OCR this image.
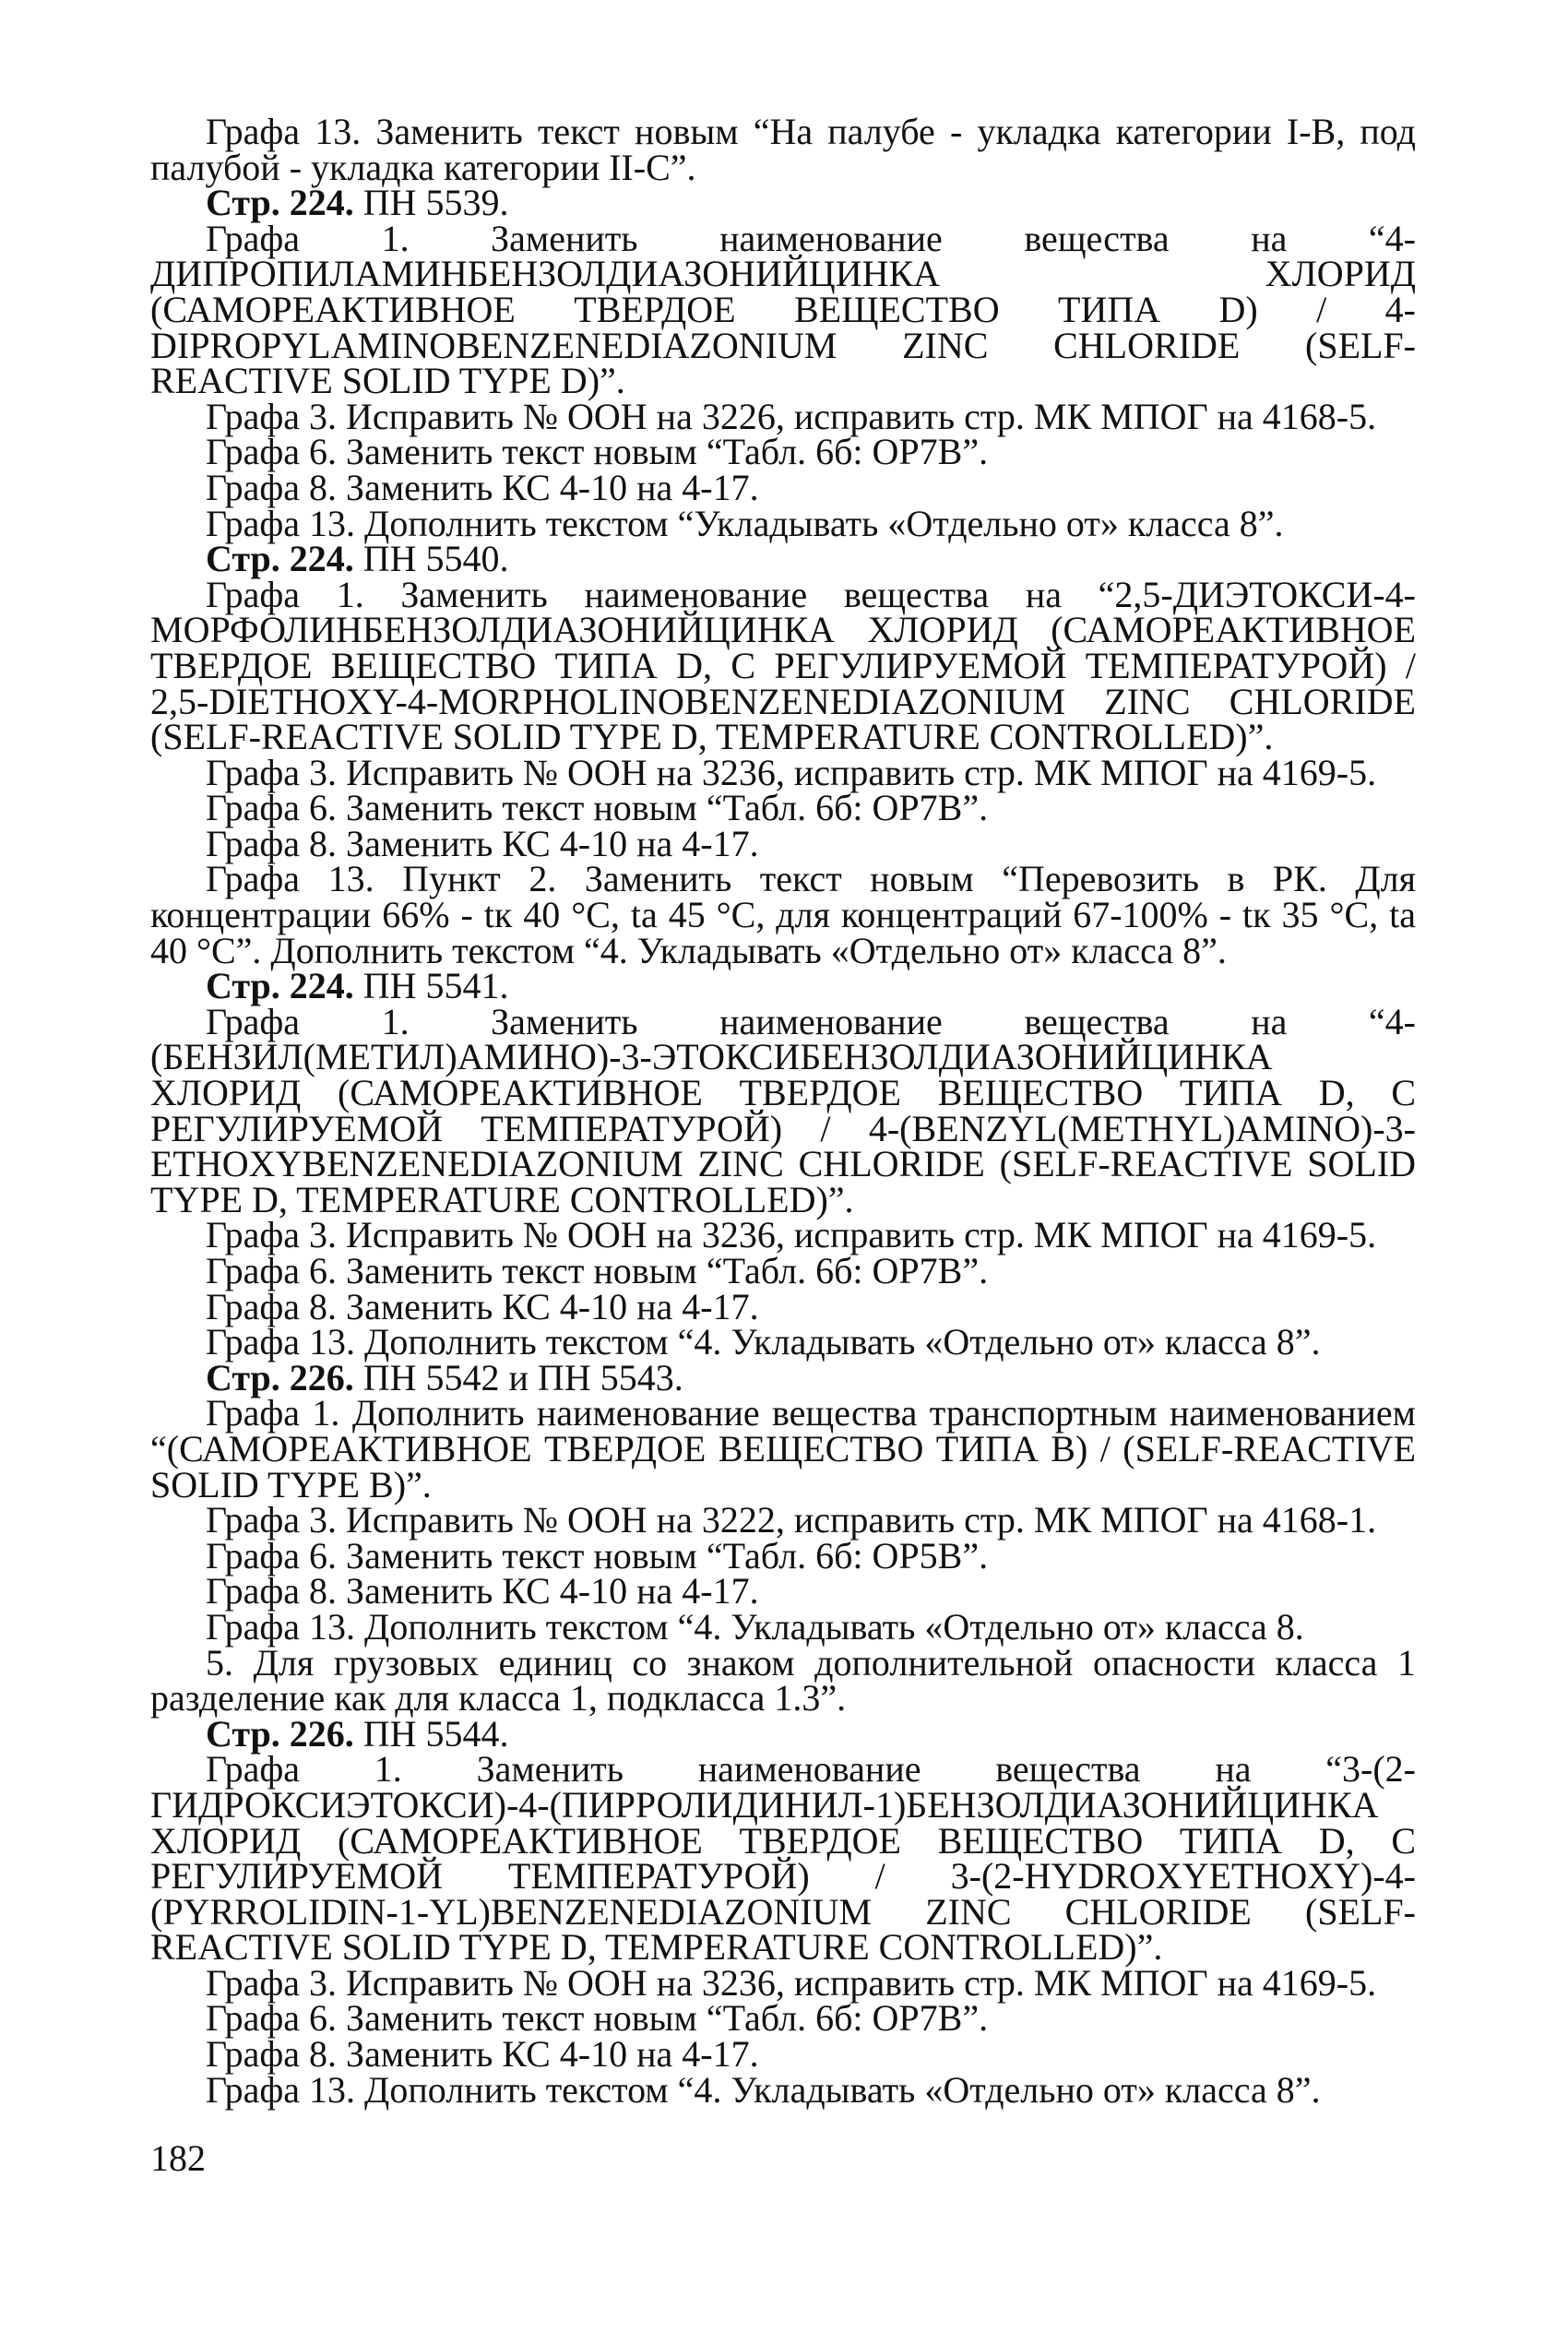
Графа 13. Заменить текст новым “На палубе - укладка категории I-B, под палубой - укладка категории II-C”.

Стр. 224. ПН 5539.

Графа 1. Заменить наименование вещества на “4-ДИПРОПИЛАМИНБЕНЗОЛДИАЗОНИЙЦИНКА ХЛОРИД (САМОРЕАКТИВНОЕ ТВЕРДОЕ ВЕЩЕСТВО ТИПА D) / 4-DIPROPYLAMINOBENZENEDIAZONIUM ZINC CHLORIDE (SELF-REACTIVE SOLID TYPE D)”.

Графа 3. Исправить № ООН на 3226, исправить стр. МК МПОГ на 4168-5.

Графа 6. Заменить текст новым “Табл. 6б: OP7B”.

Графа 8. Заменить КС 4-10 на 4-17.

Графа 13. Дополнить текстом “Укладывать «Отдельно от» класса 8”.

Стр. 224. ПН 5540.

Графа 1. Заменить наименование вещества на “2,5-ДИЭТОКСИ-4-МОРФОЛИНБЕНЗОЛДИАЗОНИЙЦИНКА ХЛОРИД (САМОРЕАКТИВНОЕ ТВЕРДОЕ ВЕЩЕСТВО ТИПА D, С РЕГУЛИРУЕМОЙ ТЕМПЕРАТУРОЙ) / 2,5-DIETHOXY-4-MORPHOLINOBENZENEDIAZONIUM ZINC CHLORIDE (SELF-REACTIVE SOLID TYPE D, TEMPERATURE CONTROLLED)”.

Графа 3. Исправить № ООН на 3236, исправить стр. МК МПОГ на 4169-5.

Графа 6. Заменить текст новым “Табл. 6б: OP7B”.

Графа 8. Заменить КС 4-10 на 4-17.

Графа 13. Пункт 2. Заменить текст новым “Перевозить в РК. Для концентрации 66% - tк 40 °С, tа 45 °С, для концентраций 67-100% - tк 35 °С, tа 40 °С”. Дополнить текстом “4. Укладывать «Отдельно от» класса 8”.

Стр. 224. ПН 5541.

Графа 1. Заменить наименование вещества на “4-(БЕНЗИЛ(МЕТИЛ)АМИНО)-3-ЭТОКСИБЕНЗОЛДИАЗОНИЙЦИНКА ХЛОРИД (САМОРЕАКТИВНОЕ ТВЕРДОЕ ВЕЩЕСТВО ТИПА D, С РЕГУЛИРУЕМОЙ ТЕМПЕРАТУРОЙ) / 4-(BENZYL(METHYL)AMINO)-3-ETHOXYBENZENEDIAZONIUM ZINC CHLORIDE (SELF-REACTIVE SOLID TYPE D, TEMPERATURE CONTROLLED)”.

Графа 3. Исправить № ООН на 3236, исправить стр. МК МПОГ на 4169-5.

Графа 6. Заменить текст новым “Табл. 6б: OP7B”.

Графа 8. Заменить КС 4-10 на 4-17.

Графа 13. Дополнить текстом “4. Укладывать «Отдельно от» класса 8”.

Стр. 226. ПН 5542 и ПН 5543.

Графа 1. Дополнить наименование вещества транспортным наименованием “(САМОРЕАКТИВНОЕ ТВЕРДОЕ ВЕЩЕСТВО ТИПА B) / (SELF-REACTIVE SOLID TYPE B)”.

Графа 3. Исправить № ООН на 3222, исправить стр. МК МПОГ на 4168-1.

Графа 6. Заменить текст новым “Табл. 6б: OP5B”.

Графа 8. Заменить КС 4-10 на 4-17.

Графа 13. Дополнить текстом “4. Укладывать «Отдельно от» класса 8.

5. Для грузовых единиц со знаком дополнительной опасности класса 1 разделение как для класса 1, подкласса 1.3”.

Стр. 226. ПН 5544.

Графа 1. Заменить наименование вещества на “3-(2-ГИДРОКСИЭТОКСИ)-4-(ПИРРОЛИДИНИЛ-1)БЕНЗОЛДИАЗОНИЙЦИНКА ХЛОРИД (САМОРЕАКТИВНОЕ ТВЕРДОЕ ВЕЩЕСТВО ТИПА D, С РЕГУЛИРУЕМОЙ ТЕМПЕРАТУРОЙ) / 3-(2-HYDROXYETHOXY)-4-(PYRROLIDIN-1-YL)BENZENEDIAZONIUM ZINC CHLORIDE (SELF-REACTIVE SOLID TYPE D, TEMPERATURE CONTROLLED)”.

Графа 3. Исправить № ООН на 3236, исправить стр. МК МПОГ на 4169-5.

Графа 6. Заменить текст новым “Табл. 6б: OP7B”.

Графа 8. Заменить КС 4-10 на 4-17.

Графа 13. Дополнить текстом “4. Укладывать «Отдельно от» класса 8”.

182
